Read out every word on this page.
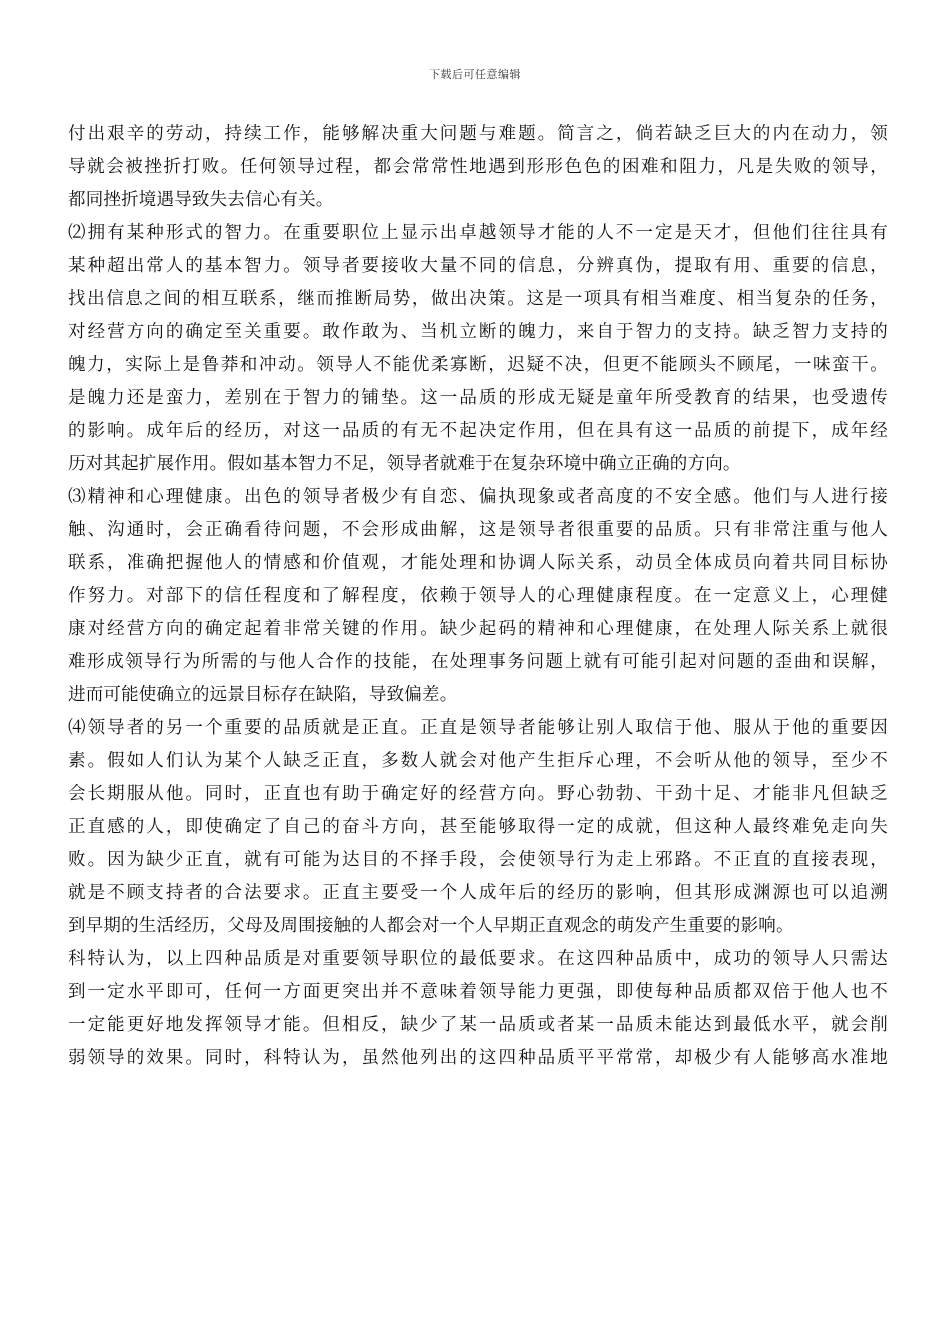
下载后可任意编辑
付出艰辛的劳动，持续工作，能够解决重大问题与难题。简言之，倘若缺乏巨大的内在动力，领
导就会被挫折打败。任何领导过程，都会常常性地遇到形形色色的困难和阻力，凡是失败的领导，
都同挫折境遇导致失去信心有关。
⑵拥有某种形式的智力。在重要职位上显示出卓越领导才能的人不一定是天才，但他们往往具有
某种超出常人的基本智力。领导者要接收大量不同的信息，分辨真伪，提取有用、重要的信息，
找出信息之间的相互联系，继而推断局势，做出决策。这是一项具有相当难度、相当复杂的任务，
对经营方向的确定至关重要。敢作敢为、当机立断的魄力，来自于智力的支持。缺乏智力支持的
魄力，实际上是鲁莽和冲动。领导人不能优柔寡断，迟疑不决，但更不能顾头不顾尾，一味蛮干。
是魄力还是蛮力，差别在于智力的铺垫。这一品质的形成无疑是童年所受教育的结果，也受遗传
的影响。成年后的经历，对这一品质的有无不起决定作用，但在具有这一品质的前提下，成年经
历对其起扩展作用。假如基本智力不足，领导者就难于在复杂环境中确立正确的方向。
⑶精神和心理健康。出色的领导者极少有自恋、偏执现象或者高度的不安全感。他们与人进行接
触、沟通时，会正确看待问题，不会形成曲解，这是领导者很重要的品质。只有非常注重与他人
联系，准确把握他人的情感和价值观，才能处理和协调人际关系，动员全体成员向着共同目标协
作努力。对部下的信任程度和了解程度，依赖于领导人的心理健康程度。在一定意义上，心理健
康对经营方向的确定起着非常关键的作用。缺少起码的精神和心理健康，在处理人际关系上就很
难形成领导行为所需的与他人合作的技能，在处理事务问题上就有可能引起对问题的歪曲和误解，
进而可能使确立的远景目标存在缺陷，导致偏差。
⑷领导者的另一个重要的品质就是正直。正直是领导者能够让别人取信于他、服从于他的重要因
素。假如人们认为某个人缺乏正直，多数人就会对他产生拒斥心理，不会听从他的领导，至少不
会长期服从他。同时，正直也有助于确定好的经营方向。野心勃勃、干劲十足、才能非凡但缺乏
正直感的人，即使确定了自己的奋斗方向，甚至能够取得一定的成就，但这种人最终难免走向失
败。因为缺少正直，就有可能为达目的不择手段，会使领导行为走上邪路。不正直的直接表现，
就是不顾支持者的合法要求。正直主要受一个人成年后的经历的影响，但其形成渊源也可以追溯
到早期的生活经历，父母及周围接触的人都会对一个人早期正直观念的萌发产生重要的影响。
科特认为，以上四种品质是对重要领导职位的最低要求。在这四种品质中，成功的领导人只需达
到一定水平即可，任何一方面更突出并不意味着领导能力更强，即使每种品质都双倍于他人也不
一定能更好地发挥领导才能。但相反，缺少了某一品质或者某一品质未能达到最低水平，就会削
弱领导的效果。同时，科特认为，虽然他列出的这四种品质平平常常，却极少有人能够高水准地
